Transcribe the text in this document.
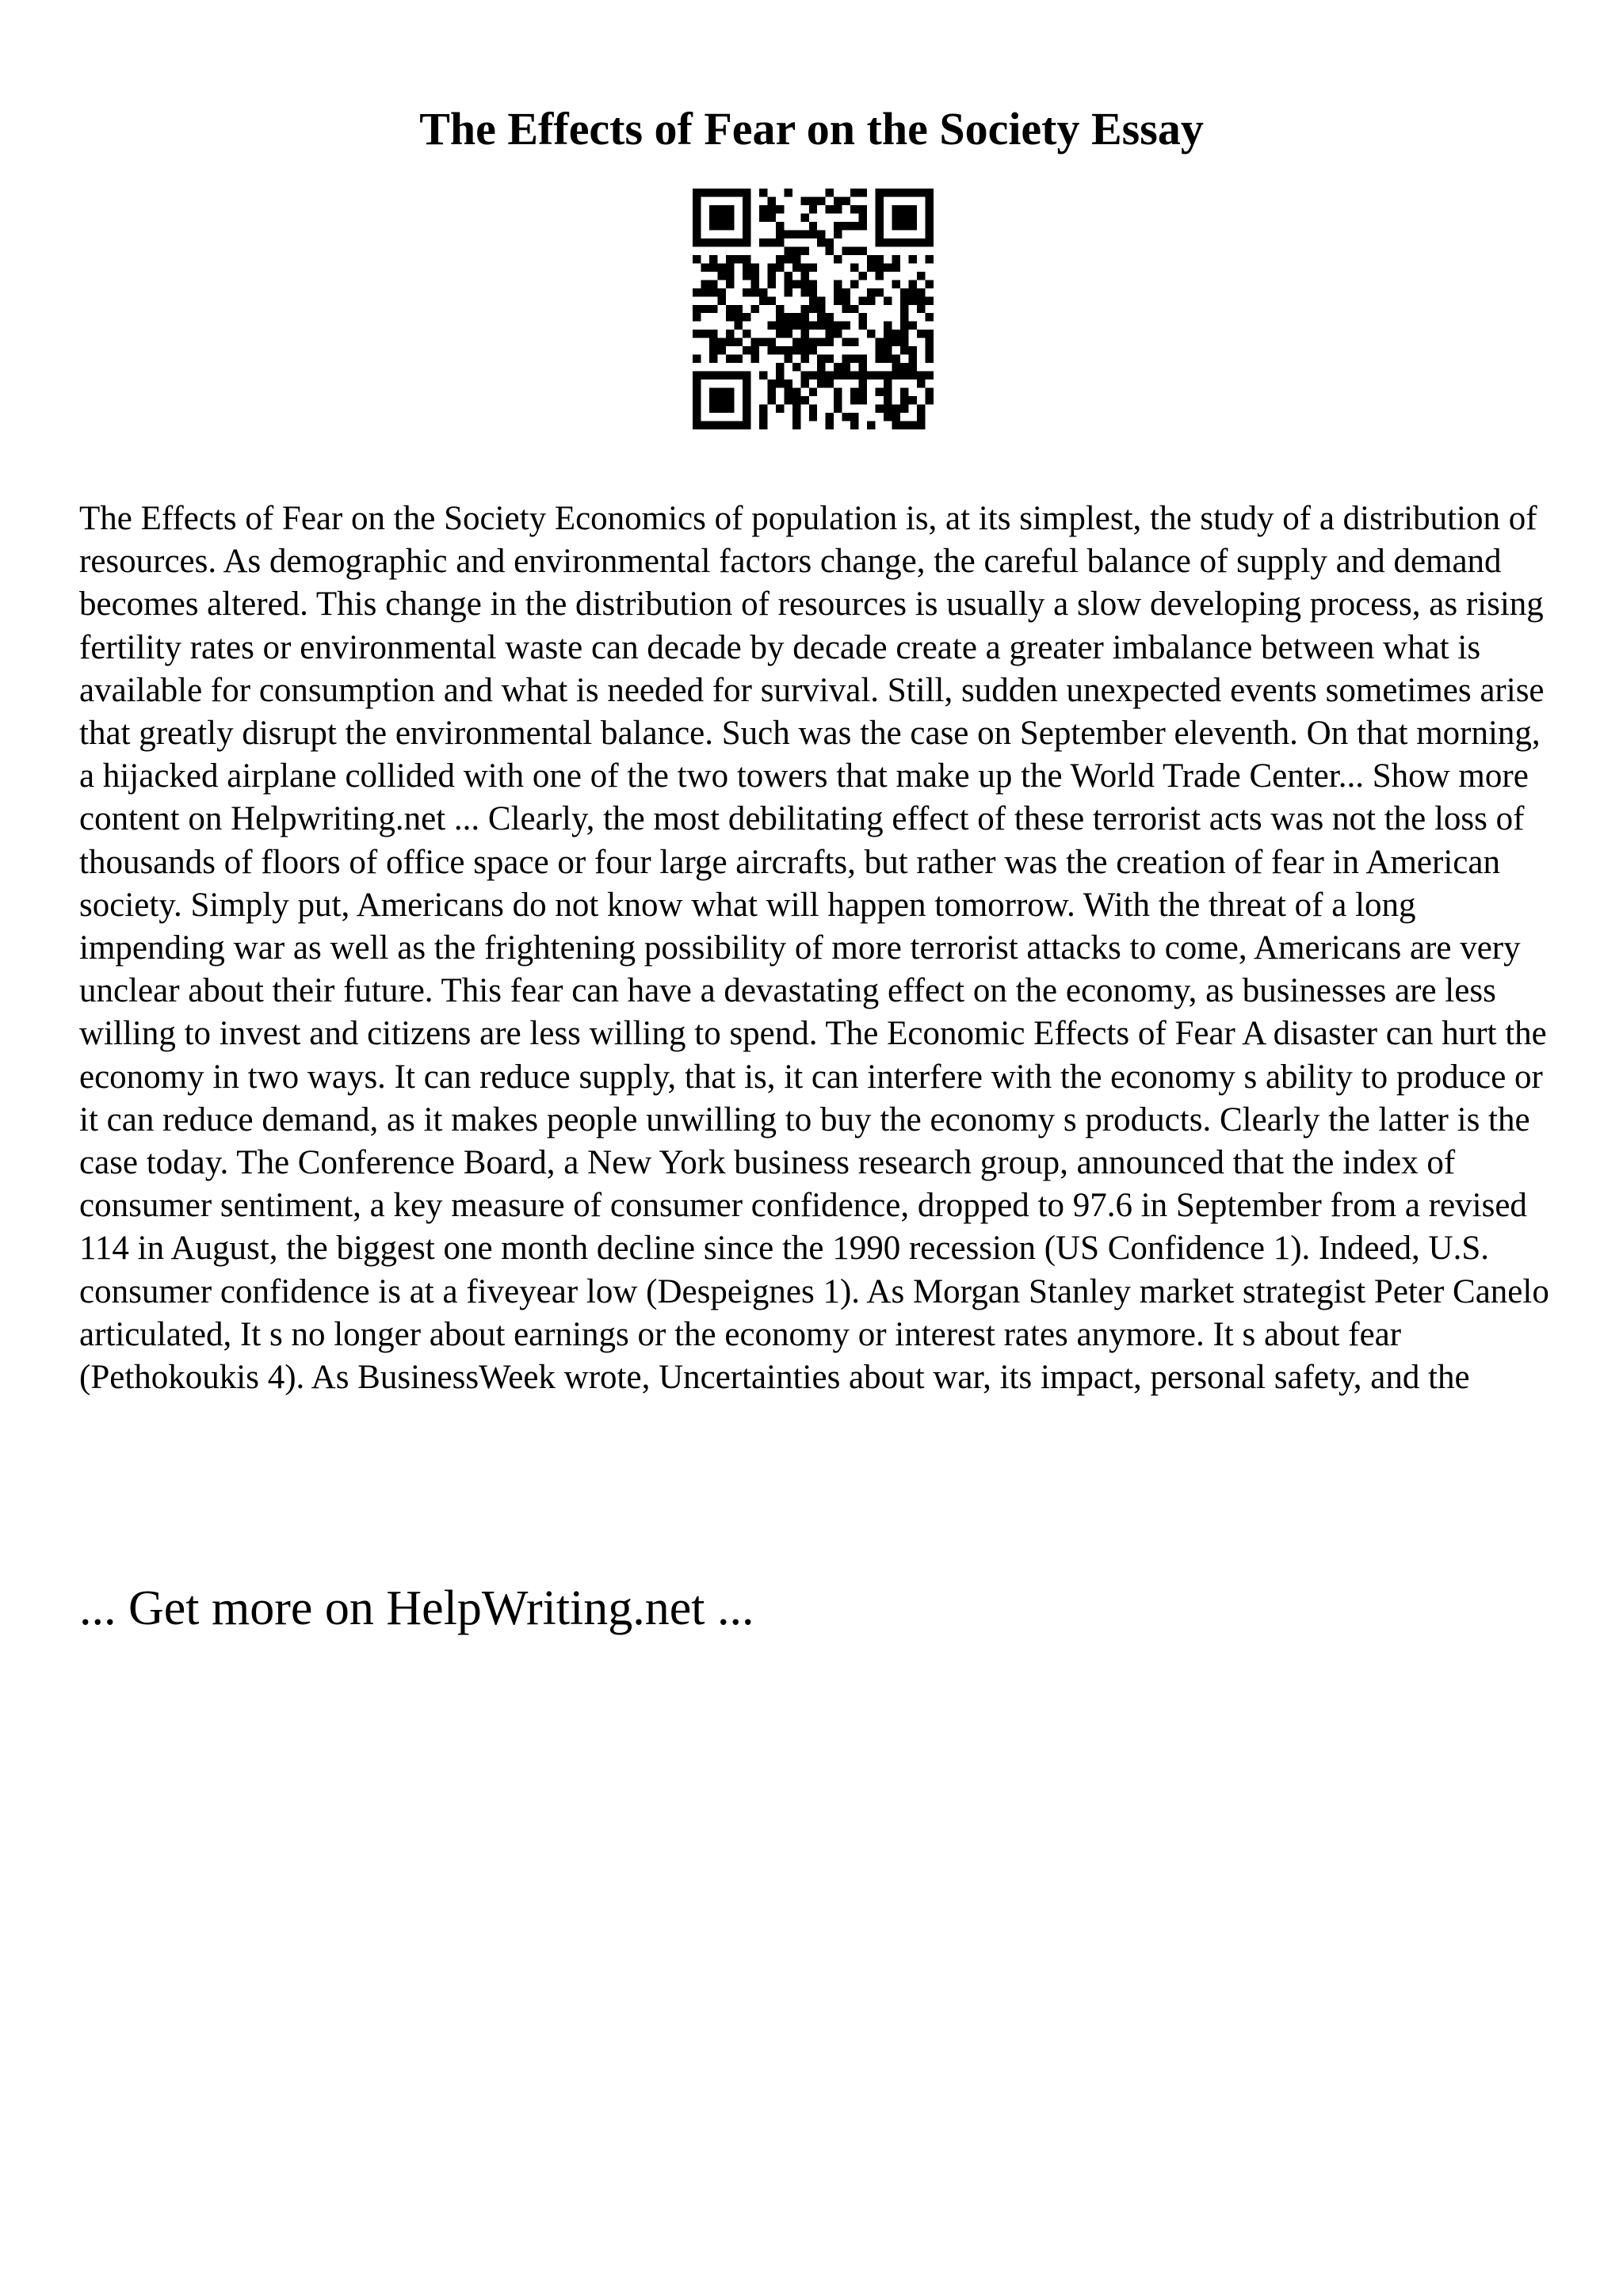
The Effects of Fear on the Society Essay

The Effects of Fear on the Society Economics of population is, at its simplest, the study of a distribution of resources. As demographic and environmental factors change, the careful balance of supply and demand becomes altered. This change in the distribution of resources is usually a slow developing process, as rising fertility rates or environmental waste can decade by decade create a greater imbalance between what is available for consumption and what is needed for survival. Still, sudden unexpected events sometimes arise that greatly disrupt the environmental balance. Such was the case on September eleventh. On that morning, a hijacked airplane collided with one of the two towers that make up the World Trade Center... Show more content on Helpwriting.net ... Clearly, the most debilitating effect of these terrorist acts was not the loss of thousands of floors of office space or four large aircrafts, but rather was the creation of fear in American society. Simply put, Americans do not know what will happen tomorrow. With the threat of a long impending war as well as the frightening possibility of more terrorist attacks to come, Americans are very unclear about their future. This fear can have a devastating effect on the economy, as businesses are less willing to invest and citizens are less willing to spend. The Economic Effects of Fear A disaster can hurt the economy in two ways. It can reduce supply, that is, it can interfere with the economy s ability to produce or it can reduce demand, as it makes people unwilling to buy the economy s products. Clearly the latter is the case today. The Conference Board, a New York business research group, announced that the index of consumer sentiment, a key measure of consumer confidence, dropped to 97.6 in September from a revised 114 in August, the biggest one month decline since the 1990 recession (US Confidence 1). Indeed, U.S. consumer confidence is at a fiveyear low (Despeignes 1). As Morgan Stanley market strategist Peter Canelo articulated, It s no longer about earnings or the economy or interest rates anymore. It s about fear (Pethokoukis 4). As BusinessWeek wrote, Uncertainties about war, its impact, personal safety, and the

... Get more on HelpWriting.net ...
